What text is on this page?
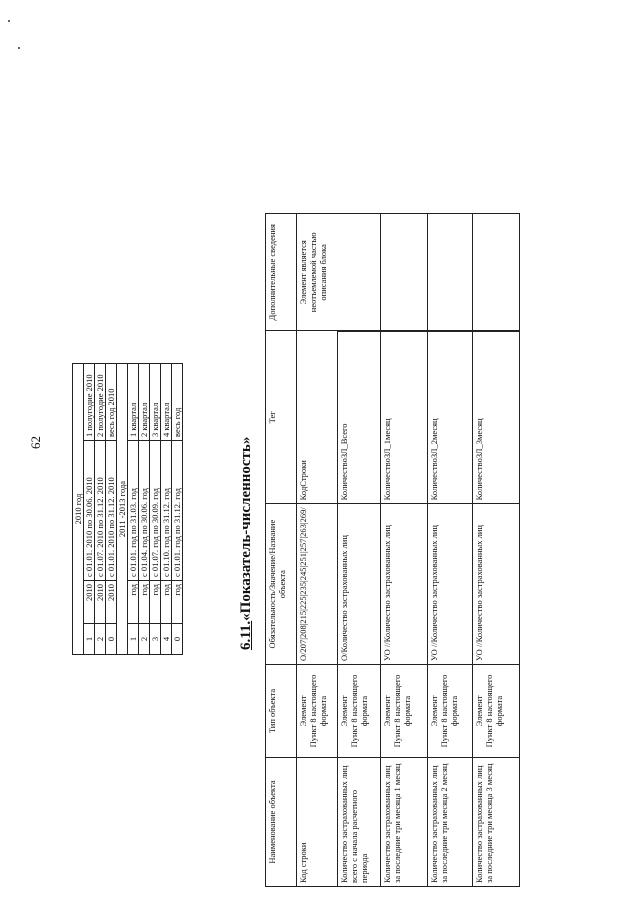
62
2010 год			
1	2010	с 01.01. 2010 по 30.06. 2010	1 полугодие 2010
2	2010	с 01.07. 2010 по 31.12. 2010	2 полугодие 2010
0	2010	с 01.01. 2010 по 31.12. 2010	весь год 2010
2011 -2013 года			
1	год	с 01.01. год по 31.03. год	1 квартал
2	год	с 01.04. год по 30.06. год	2 квартал
3	год	с 01.07. год по 30.09. год	3 квартал
4	год	с 01.10. год по 31.12. год	4 квартал
0	год	с 01.01. год по 31.12. год	весь год
6.11.«Показатель-численность»
Наименование объекта	Тип объекта	Обязательность/Значение/Название объекта	Тег	Дополнительные сведения
Код строки	Элемент Пункт 8 настоящего формата	О/207|208|215|225|235|245|251|257|263|269/	КодСтроки	Элемент является неотъемлемой частью описания блока

Количество застрахованных лиц всего с начала расчетного периода	Элемент Пункт 8 настоящего формата	О/Количество застрахованных лиц	КоличествоЗЛ_Всего	
Количество застрахованных лиц за последние три месяца 1 месяц	Элемент Пункт 8 настоящего формата	УО //Количество застрахованных лиц	КоличествоЗЛ_1месяц		
Количество застрахованных лиц за последние три месяца 2 месяц	Элемент Пункт 8 настоящего формата	УО //Количество застрахованных лиц	КоличествоЗЛ_2месяц		
Количество застрахованных лиц за последние три месяца 3 месяц	Элемент Пункт 8 настоящего формата	УО //Количество застрахованных лиц	КоличествоЗЛ_3месяц		
